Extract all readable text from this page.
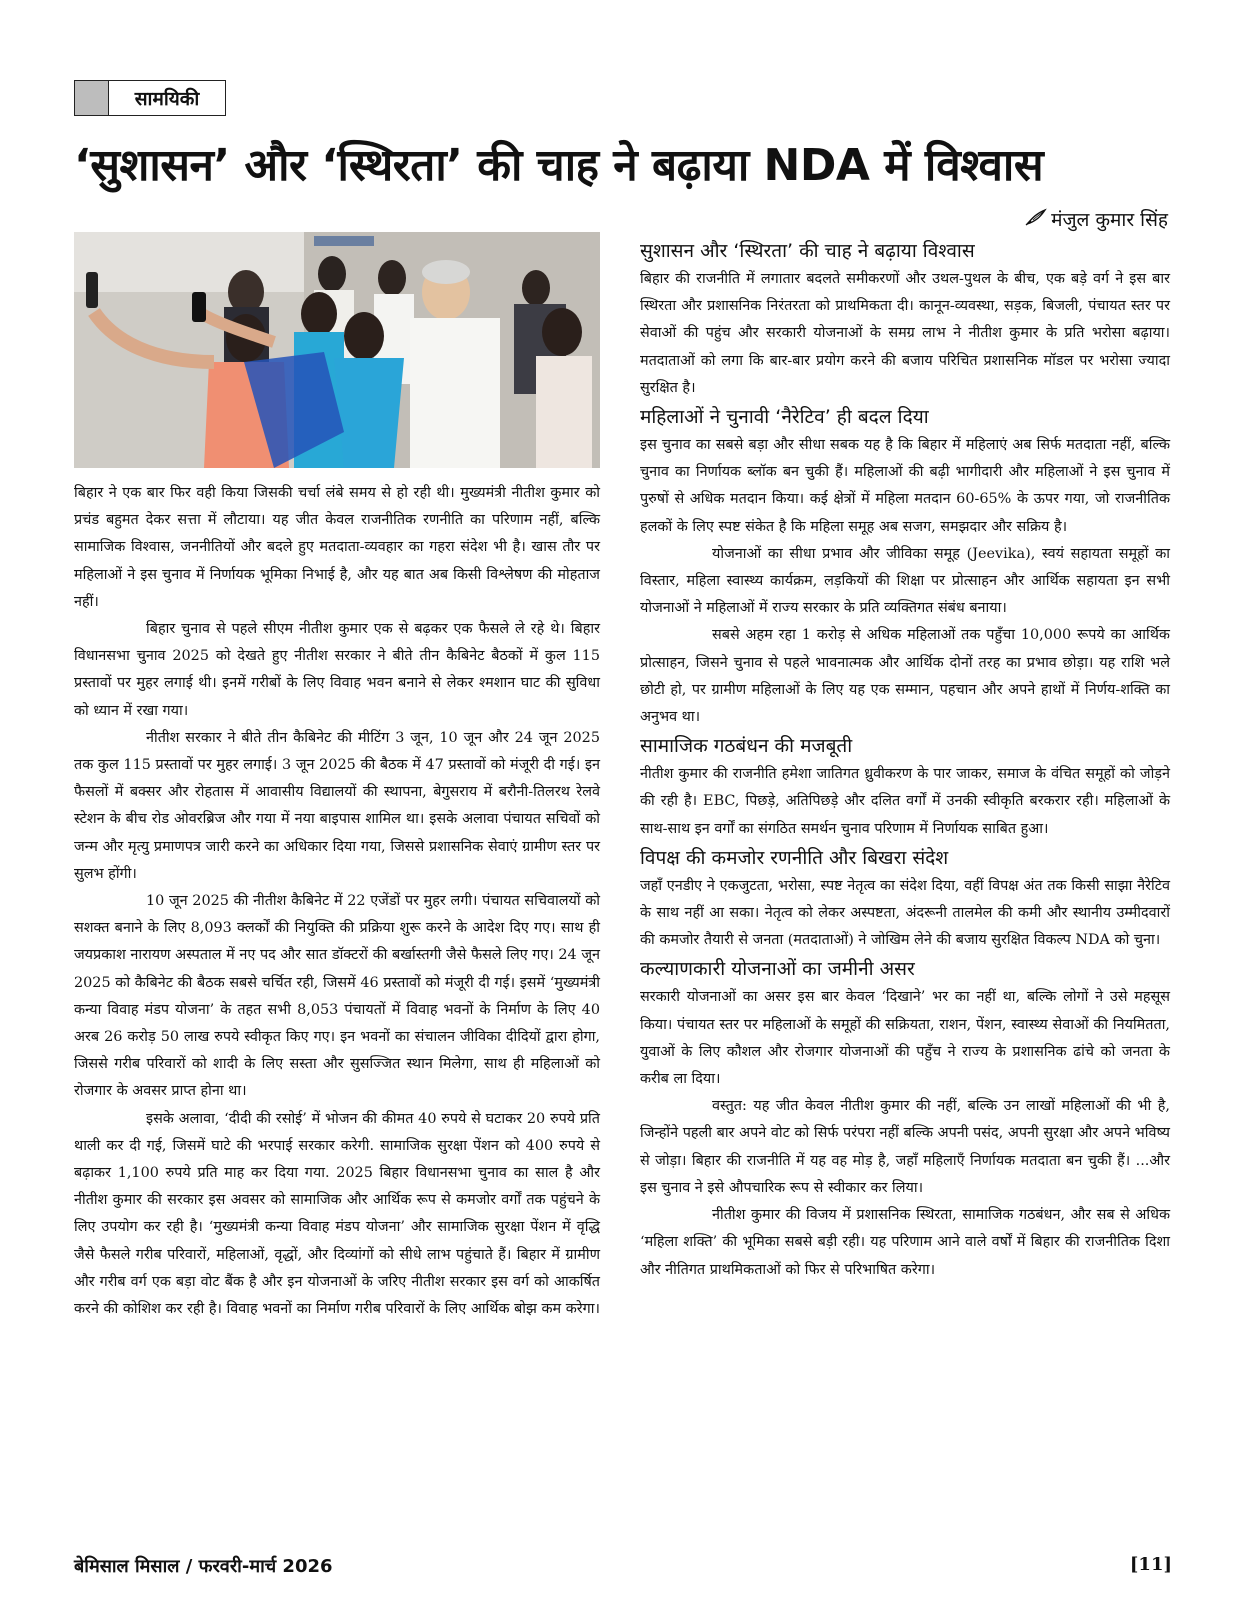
सामयिकी
‘सुशासन’ और ‘स्थिरता’ की चाह ने बढ़ाया NDA में विश्वास
मंजुल कुमार सिंह

बिहार ने एक बार फिर वही किया जिसकी चर्चा लंबे समय से हो रही थी। मुख्यमंत्री नीतीश कुमार को प्रचंड बहुमत देकर सत्ता में लौटाया। यह जीत केवल राजनीतिक रणनीति का परिणाम नहीं, बल्कि सामाजिक विश्वास, जननीतियों और बदले हुए मतदाता-व्यवहार का गहरा संदेश भी है। खास तौर पर महिलाओं ने इस चुनाव में निर्णायक भूमिका निभाई है, और यह बात अब किसी विश्लेषण की मोहताज नहीं।

बिहार चुनाव से पहले सीएम नीतीश कुमार एक से बढ़कर एक फैसले ले रहे थे। बिहार विधानसभा चुनाव 2025 को देखते हुए नीतीश सरकार ने बीते तीन कैबिनेट बैठकों में कुल 115 प्रस्तावों पर मुहर लगाई थी। इनमें गरीबों के लिए विवाह भवन बनाने से लेकर श्मशान घाट की सुविधा को ध्यान में रखा गया।

नीतीश सरकार ने बीते तीन कैबिनेट की मीटिंग 3 जून, 10 जून और 24 जून 2025 तक कुल 115 प्रस्तावों पर मुहर लगाई। 3 जून 2025 की बैठक में 47 प्रस्तावों को मंजूरी दी गई। इन फैसलों में बक्सर और रोहतास में आवासीय विद्यालयों की स्थापना, बेगुसराय में बरौनी-तिलरथ रेलवे स्टेशन के बीच रोड ओवरब्रिज और गया में नया बाइपास शामिल था। इसके अलावा पंचायत सचिवों को जन्म और मृत्यु प्रमाणपत्र जारी करने का अधिकार दिया गया, जिससे प्रशासनिक सेवाएं ग्रामीण स्तर पर सुलभ होंगी।

10 जून 2025 की नीतीश कैबिनेट में 22 एजेंडों पर मुहर लगी। पंचायत सचिवालयों को सशक्त बनाने के लिए 8,093 क्लर्कों की नियुक्ति की प्रक्रिया शुरू करने के आदेश दिए गए। साथ ही जयप्रकाश नारायण अस्पताल में नए पद और सात डॉक्टरों की बर्खास्तगी जैसे फैसले लिए गए। 24 जून 2025 को कैबिनेट की बैठक सबसे चर्चित रही, जिसमें 46 प्रस्तावों को मंजूरी दी गई। इसमें ‘मुख्यमंत्री कन्या विवाह मंडप योजना’ के तहत सभी 8,053 पंचायतों में विवाह भवनों के निर्माण के लिए 40 अरब 26 करोड़ 50 लाख रुपये स्वीकृत किए गए। इन भवनों का संचालन जीविका दीदियों द्वारा होगा, जिससे गरीब परिवारों को शादी के लिए सस्ता और सुसज्जित स्थान मिलेगा, साथ ही महिलाओं को रोजगार के अवसर प्राप्त होना था।

इसके अलावा, ‘दीदी की रसोई’ में भोजन की कीमत 40 रुपये से घटाकर 20 रुपये प्रति थाली कर दी गई, जिसमें घाटे की भरपाई सरकार करेगी. सामाजिक सुरक्षा पेंशन को 400 रुपये से बढ़ाकर 1,100 रुपये प्रति माह कर दिया गया. 2025 बिहार विधानसभा चुनाव का साल है और नीतीश कुमार की सरकार इस अवसर को सामाजिक और आर्थिक रूप से कमजोर वर्गों तक पहुंचने के लिए उपयोग कर रही है। ‘मुख्यमंत्री कन्या विवाह मंडप योजना’ और सामाजिक सुरक्षा पेंशन में वृद्धि जैसे फैसले गरीब परिवारों, महिलाओं, वृद्धों, और दिव्यांगों को सीधे लाभ पहुंचाते हैं। बिहार में ग्रामीण और गरीब वर्ग एक बड़ा वोट बैंक है और इन योजनाओं के जरिए नीतीश सरकार इस वर्ग को आकर्षित करने की कोशिश कर रही है। विवाह भवनों का निर्माण गरीब परिवारों के लिए आर्थिक बोझ कम करेगा।

सुशासन और ‘स्थिरता’ की चाह ने बढ़ाया विश्वास

बिहार की राजनीति में लगातार बदलते समीकरणों और उथल-पुथल के बीच, एक बड़े वर्ग ने इस बार स्थिरता और प्रशासनिक निरंतरता को प्राथमिकता दी। कानून-व्यवस्था, सड़क, बिजली, पंचायत स्तर पर सेवाओं की पहुंच और सरकारी योजनाओं के समग्र लाभ ने नीतीश कुमार के प्रति भरोसा बढ़ाया। मतदाताओं को लगा कि बार-बार प्रयोग करने की बजाय परिचित प्रशासनिक मॉडल पर भरोसा ज्यादा सुरक्षित है।

महिलाओं ने चुनावी ‘नैरेटिव’ ही बदल दिया

इस चुनाव का सबसे बड़ा और सीधा सबक यह है कि बिहार में महिलाएं अब सिर्फ मतदाता नहीं, बल्कि चुनाव का निर्णायक ब्लॉक बन चुकी हैं। महिलाओं की बढ़ी भागीदारी और महिलाओं ने इस चुनाव में पुरुषों से अधिक मतदान किया। कई क्षेत्रों में महिला मतदान 60-65% के ऊपर गया, जो राजनीतिक हलकों के लिए स्पष्ट संकेत है कि महिला समूह अब सजग, समझदार और सक्रिय है।

योजनाओं का सीधा प्रभाव और जीविका समूह (Jeevika), स्वयं सहायता समूहों का विस्तार, महिला स्वास्थ्य कार्यक्रम, लड़कियों की शिक्षा पर प्रोत्साहन और आर्थिक सहायता इन सभी योजनाओं ने महिलाओं में राज्य सरकार के प्रति व्यक्तिगत संबंध बनाया।

सबसे अहम रहा 1 करोड़ से अधिक महिलाओं तक पहुँचा 10,000 रूपये का आर्थिक प्रोत्साहन, जिसने चुनाव से पहले भावनात्मक और आर्थिक दोनों तरह का प्रभाव छोड़ा। यह राशि भले छोटी हो, पर ग्रामीण महिलाओं के लिए यह एक सम्मान, पहचान और अपने हाथों में निर्णय-शक्ति का अनुभव था।

सामाजिक गठबंधन की मजबूती

नीतीश कुमार की राजनीति हमेशा जातिगत ध्रुवीकरण के पार जाकर, समाज के वंचित समूहों को जोड़ने की रही है। EBC, पिछड़े, अतिपिछड़े और दलित वर्गों में उनकी स्वीकृति बरकरार रही। महिलाओं के साथ-साथ इन वर्गों का संगठित समर्थन चुनाव परिणाम में निर्णायक साबित हुआ।

विपक्ष की कमजोर रणनीति और बिखरा संदेश

जहाँ एनडीए ने एकजुटता, भरोसा, स्पष्ट नेतृत्व का संदेश दिया, वहीं विपक्ष अंत तक किसी साझा नैरेटिव के साथ नहीं आ सका। नेतृत्व को लेकर अस्पष्टता, अंदरूनी तालमेल की कमी और स्थानीय उम्मीदवारों की कमजोर तैयारी से जनता (मतदाताओं) ने जोखिम लेने की बजाय सुरक्षित विकल्प NDA को चुना।

कल्याणकारी योजनाओं का जमीनी असर

सरकारी योजनाओं का असर इस बार केवल ‘दिखाने’ भर का नहीं था, बल्कि लोगों ने उसे महसूस किया। पंचायत स्तर पर महिलाओं के समूहों की सक्रियता, राशन, पेंशन, स्वास्थ्य सेवाओं की नियमितता, युवाओं के लिए कौशल और रोजगार योजनाओं की पहुँच ने राज्य के प्रशासनिक ढांचे को जनता के करीब ला दिया।

वस्तुत: यह जीत केवल नीतीश कुमार की नहीं, बल्कि उन लाखों महिलाओं की भी है, जिन्होंने पहली बार अपने वोट को सिर्फ परंपरा नहीं बल्कि अपनी पसंद, अपनी सुरक्षा और अपने भविष्य से जोड़ा। बिहार की राजनीति में यह वह मोड़ है, जहाँ महिलाएँ निर्णायक मतदाता बन चुकी हैं। ...और इस चुनाव ने इसे औपचारिक रूप से स्वीकार कर लिया।

नीतीश कुमार की विजय में प्रशासनिक स्थिरता, सामाजिक गठबंधन, और सब से अधिक ‘महिला शक्ति’ की भूमिका सबसे बड़ी रही। यह परिणाम आने वाले वर्षों में बिहार की राजनीतिक दिशा और नीतिगत प्राथमिकताओं को फिर से परिभाषित करेगा।

बेमिसाल मिसाल / फरवरी-मार्च 2026	[11]
